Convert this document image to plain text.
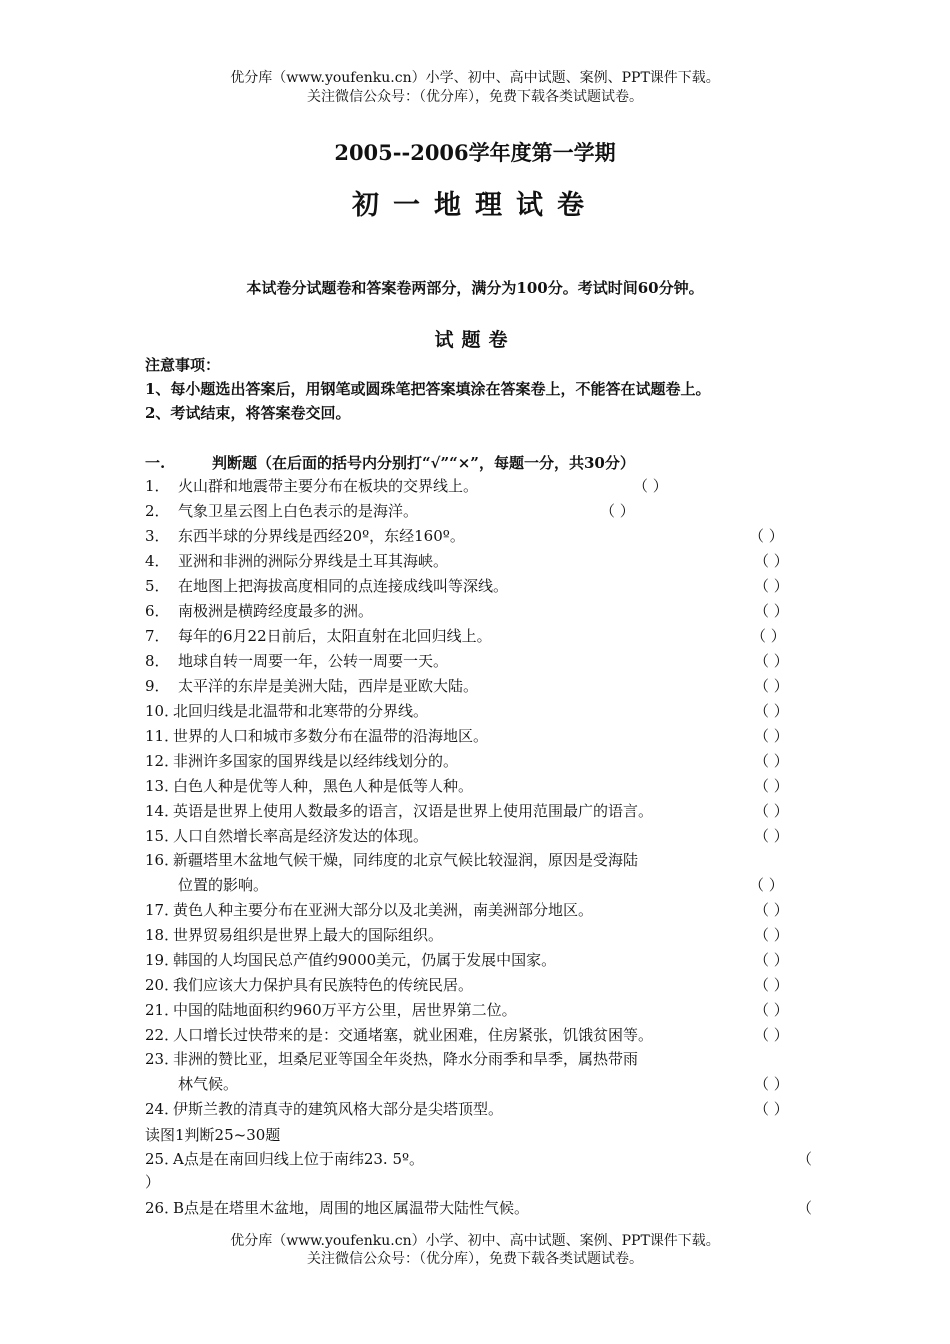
优分库（www.youfenku.cn）小学、初中、高中试题、案例、PPT课件下载。
关注微信公众号：（优分库），免费下载各类试题试卷。
2005--2006学年度第一学期
初一地理试卷
本试卷分试题卷和答案卷两部分，满分为100分。考试时间60分钟。
试题卷
注意事项：
1、每小题选出答案后，用钢笔或圆珠笔把答案填涂在答案卷上，不能答在试题卷上。
2、考试结束，将答案卷交回。
一.	判断题（在后面的括号内分别打“√”“×”，每题一分，共30分）
1． 火山群和地震带主要分布在板块的交界线上。	（ ）
2． 气象卫星云图上白色表示的是海洋。	（ ）
3． 东西半球的分界线是西经20º，东经160º。	（ ）
4． 亚洲和非洲的洲际分界线是土耳其海峡。	（ ）
5． 在地图上把海拔高度相同的点连接成线叫等深线。	（ ）
6． 南极洲是横跨经度最多的洲。	（ ）
7． 每年的6月22日前后，太阳直射在北回归线上。	（ ）
8． 地球自转一周要一年，公转一周要一天。	（ ）
9． 太平洋的东岸是美洲大陆，西岸是亚欧大陆。	（ ）
10．北回归线是北温带和北寒带的分界线。	（ ）
11．世界的人口和城市多数分布在温带的沿海地区。	（ ）
12．非洲许多国家的国界线是以经纬线划分的。	（ ）
13．白色人种是优等人种，黑色人种是低等人种。	（ ）
14．英语是世界上使用人数最多的语言，汉语是世界上使用范围最广的语言。	（ ）
15．人口自然增长率高是经济发达的体现。	（ ）
16．新疆塔里木盆地气候干燥，同纬度的北京气候比较湿润，原因是受海陆
位置的影响。	（ ）
17．黄色人种主要分布在亚洲大部分以及北美洲，南美洲部分地区。	（ ）
18．世界贸易组织是世界上最大的国际组织。	（ ）
19．韩国的人均国民总产值约9000美元，仍属于发展中国家。	（ ）
20．我们应该大力保护具有民族特色的传统民居。	（ ）
21．中国的陆地面积约960万平方公里，居世界第二位。	（ ）
22．人口增长过快带来的是：交通堵塞，就业困难，住房紧张，饥饿贫困等。	（ ）
23．非洲的赞比亚，坦桑尼亚等国全年炎热，降水分雨季和旱季，属热带雨
林气候。	（ ）
24．伊斯兰教的清真寺的建筑风格大部分是尖塔顶型。	（ ）
读图1判断25~30题
25．A点是在南回归线上位于南纬23. 5º。	（
）
26．B点是在塔里木盆地，周围的地区属温带大陆性气候。	（
优分库（www.youfenku.cn）小学、初中、高中试题、案例、PPT课件下载。
关注微信公众号：（优分库），免费下载各类试题试卷。
